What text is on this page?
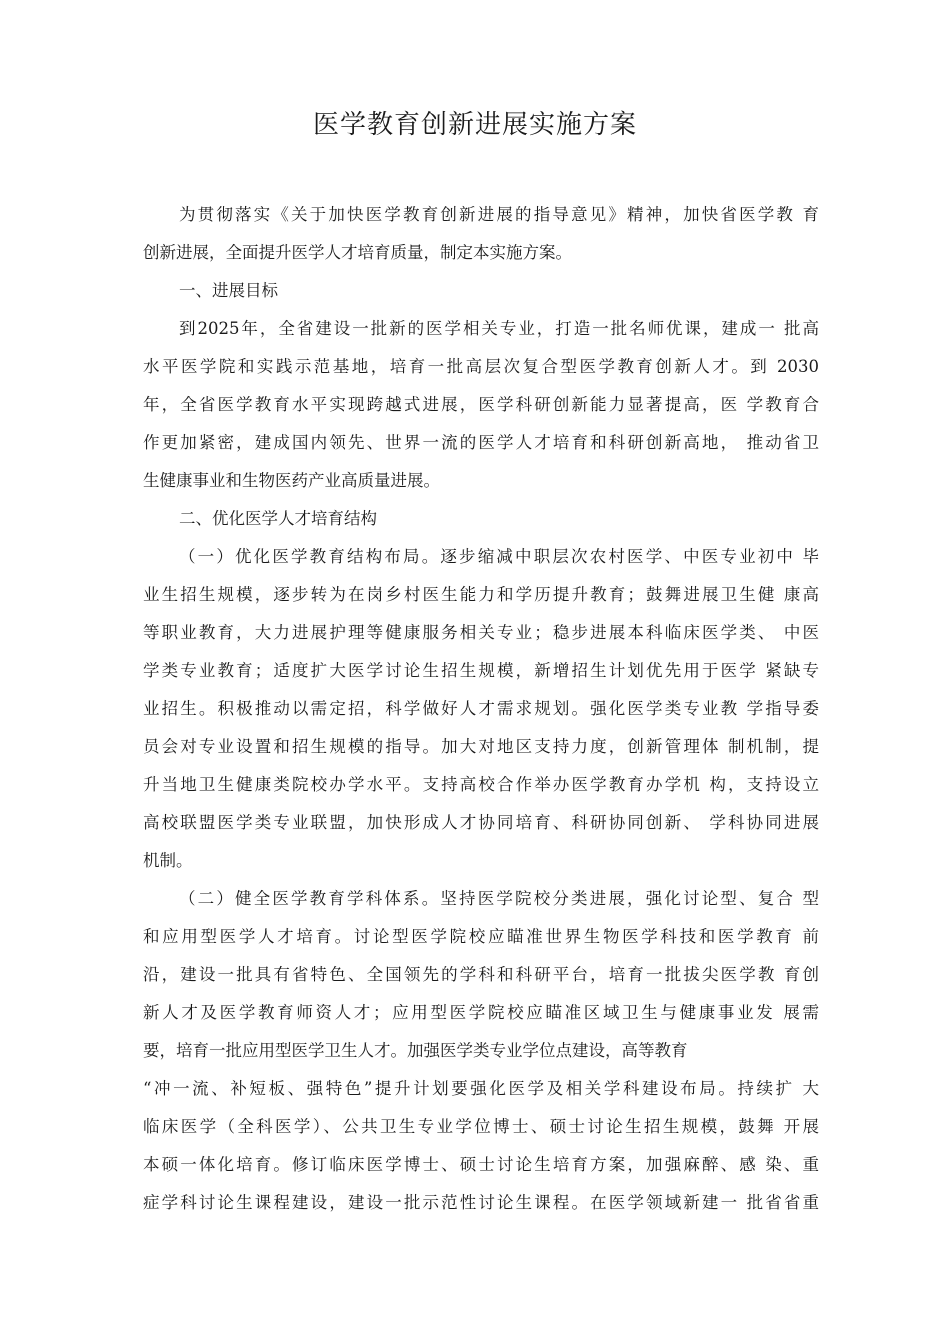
医学教育创新进展实施方案
为贯彻落实《关于加快医学教育创新进展的指导意见》精神，加快省医学教 育
创新进展，全面提升医学人才培育质量，制定本实施方案。
一、进展目标
到2025年，全省建设一批新的医学相关专业，打造一批名师优课，建成一 批高
水平医学院和实践示范基地，培育一批高层次复合型医学教育创新人才。到 2030
年，全省医学教育水平实现跨越式进展，医学科研创新能力显著提高，医 学教育合
作更加紧密，建成国内领先、世界一流的医学人才培育和科研创新高地， 推动省卫
生健康事业和生物医药产业高质量进展。
二、优化医学人才培育结构
（一）优化医学教育结构布局。逐步缩减中职层次农村医学、中医专业初中 毕
业生招生规模，逐步转为在岗乡村医生能力和学历提升教育；鼓舞进展卫生健 康高
等职业教育，大力进展护理等健康服务相关专业；稳步进展本科临床医学类、 中医
学类专业教育；适度扩大医学讨论生招生规模，新增招生计划优先用于医学 紧缺专
业招生。积极推动以需定招，科学做好人才需求规划。强化医学类专业教 学指导委
员会对专业设置和招生规模的指导。加大对地区支持力度，创新管理体 制机制，提
升当地卫生健康类院校办学水平。支持高校合作举办医学教育办学机 构，支持设立
高校联盟医学类专业联盟，加快形成人才协同培育、科研协同创新、 学科协同进展
机制。
（二）健全医学教育学科体系。坚持医学院校分类进展，强化讨论型、复合 型
和应用型医学人才培育。讨论型医学院校应瞄准世界生物医学科技和医学教育 前
沿，建设一批具有省特色、全国领先的学科和科研平台，培育一批拔尖医学教 育创
新人才及医学教育师资人才；应用型医学院校应瞄准区域卫生与健康事业发 展需
要，培育一批应用型医学卫生人才。加强医学类专业学位点建设，高等教育
“冲一流、补短板、强特色”提升计划要强化医学及相关学科建设布局。持续扩 大
临床医学（全科医学）、公共卫生专业学位博士、硕士讨论生招生规模，鼓舞 开展
本硕一体化培育。修订临床医学博士、硕士讨论生培育方案，加强麻醉、感 染、重
症学科讨论生课程建设，建设一批示范性讨论生课程。在医学领域新建一 批省省重
